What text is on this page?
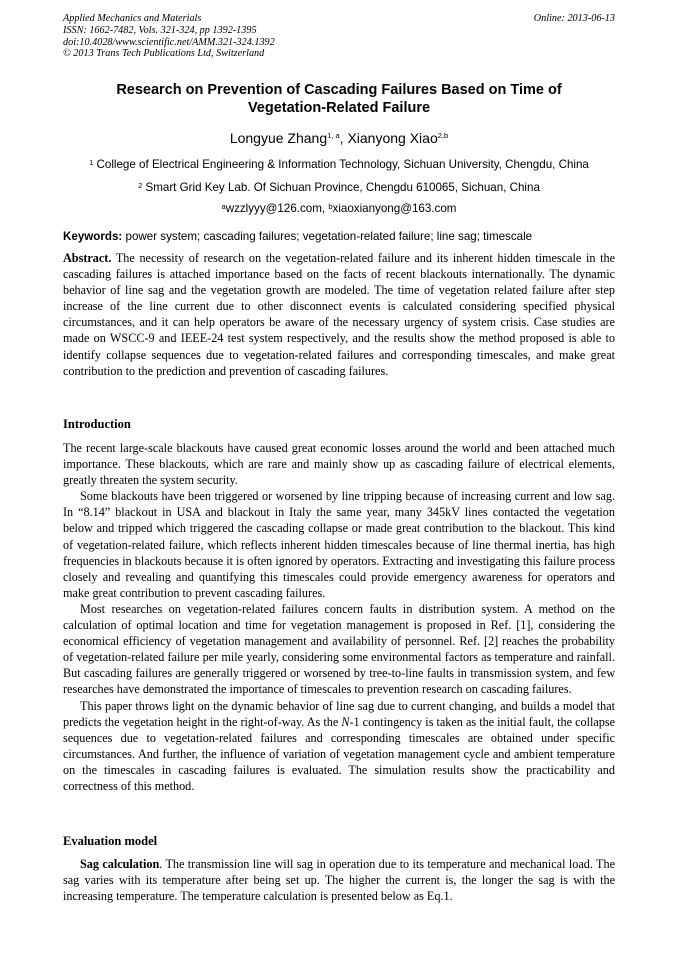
Applied Mechanics and Materials
ISSN: 1662-7482, Vols. 321-324, pp 1392-1395
doi:10.4028/www.scientific.net/AMM.321-324.1392
© 2013 Trans Tech Publications Ltd, Switzerland
Online: 2013-06-13
Research on Prevention of Cascading Failures Based on Time of
Vegetation-Related Failure
Longyue Zhang$^{1, a}$, Xianyong Xiao$^{2,b}$
$^1$ College of Electrical Engineering & Information Technology, Sichuan University, Chengdu, China
$^2$ Smart Grid Key Lab. Of Sichuan Province, Chengdu 610065, Sichuan, China
$^a$wzzlyyy@126.com, $^b$xiaoxianyong@163.com
Keywords: power system; cascading failures; vegetation-related failure; line sag; timescale

Abstract. The necessity of research on the vegetation-related failure and its inherent hidden timescale in the cascading failures is attached importance based on the facts of recent blackouts internationally. The dynamic behavior of line sag and the vegetation growth are modeled. The time of vegetation related failure after step increase of the line current due to other disconnect events is calculated considering specified physical circumstances, and it can help operators be aware of the necessary urgency of system crisis. Case studies are made on WSCC-9 and IEEE-24 test system respectively, and the results show the method proposed is able to identify collapse sequences due to vegetation-related failures and corresponding timescales, and make great contribution to the prediction and prevention of cascading failures.

Introduction

The recent large-scale blackouts have caused great economic losses around the world and been attached much importance. These blackouts, which are rare and mainly show up as cascading failure of electrical elements, greatly threaten the system security.

Some blackouts have been triggered or worsened by line tripping because of increasing current and low sag. In “8.14” blackout in USA and blackout in Italy the same year, many 345kV lines contacted the vegetation below and tripped which triggered the cascading collapse or made great contribution to the blackout. This kind of vegetation-related failure, which reflects inherent hidden timescales because of line thermal inertia, has high frequencies in blackouts because it is often ignored by operators. Extracting and investigating this failure process closely and revealing and quantifying this timescales could provide emergency awareness for operators and make great contribution to prevent cascading failures.

Most researches on vegetation-related failures concern faults in distribution system. A method on the calculation of optimal location and time for vegetation management is proposed in Ref. [1], considering the economical efficiency of vegetation management and availability of personnel. Ref. [2] reaches the probability of vegetation-related failure per mile yearly, considering some environmental factors as temperature and rainfall. But cascading failures are generally triggered or worsened by tree-to-line faults in transmission system, and few researches have demonstrated the importance of timescales to prevention research on cascading failures.

This paper throws light on the dynamic behavior of line sag due to current changing, and builds a model that predicts the vegetation height in the right-of-way. As the N-1 contingency is taken as the initial fault, the collapse sequences due to vegetation-related failures and corresponding timescales are obtained under specific circumstances. And further, the influence of variation of vegetation management cycle and ambient temperature on the timescales in cascading failures is evaluated. The simulation results show the practicability and correctness of this method.

Evaluation model

Sag calculation. The transmission line will sag in operation due to its temperature and mechanical load. The sag varies with its temperature after being set up. The higher the current is, the longer the sag is with the increasing temperature. The temperature calculation is presented below as Eq.1.
